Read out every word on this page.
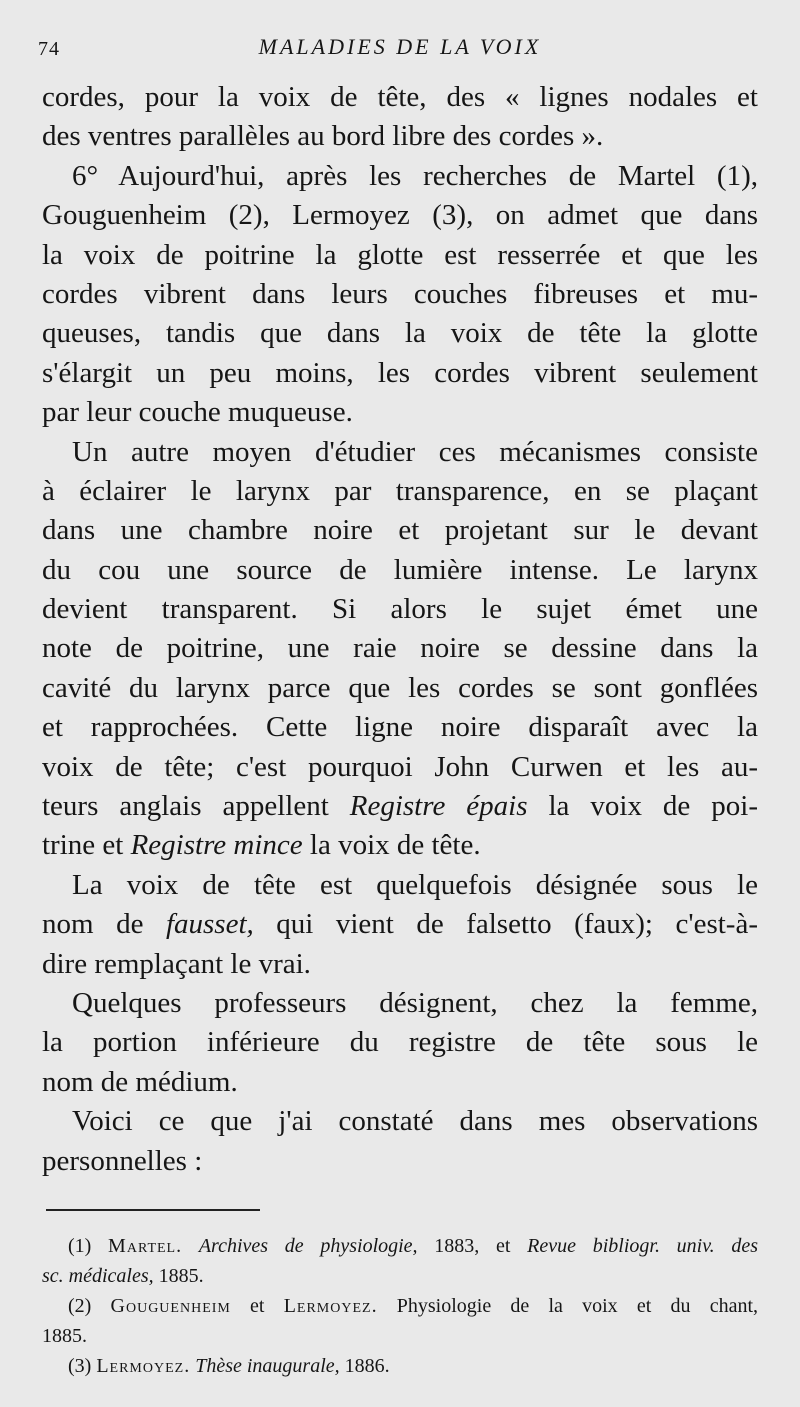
74	MALADIES DE LA VOIX
cordes, pour la voix de tête, des « lignes nodales et
des ventres parallèles au bord libre des cordes ».
6° Aujourd'hui, après les recherches de Martel (1),
Gouguenheim (2), Lermoyez (3), on admet que dans
la voix de poitrine la glotte est resserrée et que les
cordes vibrent dans leurs couches fibreuses et mu-
queuses, tandis que dans la voix de tête la glotte
s'élargit un peu moins, les cordes vibrent seulement
par leur couche muqueuse.
Un autre moyen d'étudier ces mécanismes consiste
à éclairer le larynx par transparence, en se plaçant
dans une chambre noire et projetant sur le devant
du cou une source de lumière intense. Le larynx
devient transparent. Si alors le sujet émet une
note de poitrine, une raie noire se dessine dans la
cavité du larynx parce que les cordes se sont gonflées
et rapprochées. Cette ligne noire disparaît avec la
voix de tête; c'est pourquoi John Curwen et les au-
teurs anglais appellent Registre épais la voix de poi-
trine et Registre mince la voix de tête.
La voix de tête est quelquefois désignée sous le
nom de fausset, qui vient de falsetto (faux); c'est-à-
dire remplaçant le vrai.
Quelques professeurs désignent, chez la femme,
la portion inférieure du registre de tête sous le
nom de médium.
Voici ce que j'ai constaté dans mes observations
personnelles :
(1) Martel. Archives de physiologie, 1883, et Revue bibliogr. univ. des
sc. médicales, 1885.
(2) Gouguenheim et Lermoyez. Physiologie de la voix et du chant,
1885.
(3) Lermoyez. Thèse inaugurale, 1886.
